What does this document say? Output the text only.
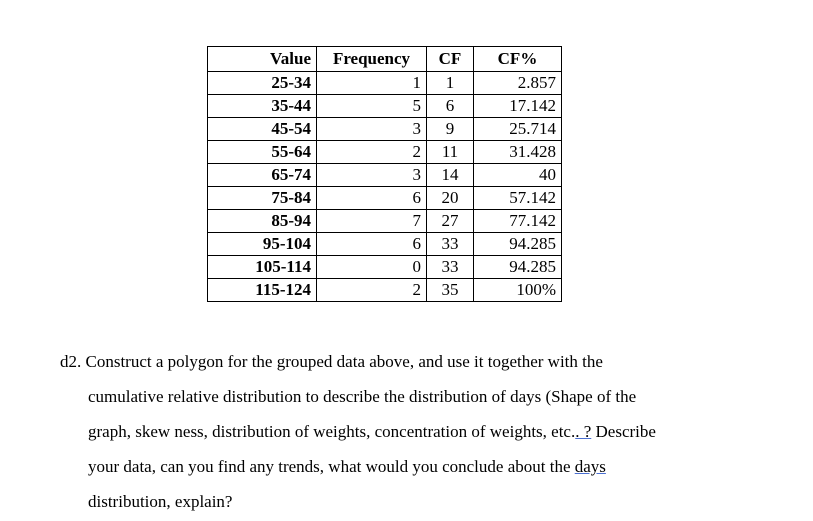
Value	Frequency	CF	CF%
25-34	1	1	2.857
35-44	5	6	17.142
45-54	3	9	25.714
55-64	2	11	31.428
65-74	3	14	40
75-84	6	20	57.142
85-94	7	27	77.142
95-104	6	33	94.285
105-114	0	33	94.285
115-124	2	35	100%

d2. Construct a polygon for the grouped data above, and use it together with the
cumulative relative distribution to describe the distribution of days (Shape of the
graph, skew ness, distribution of weights, concentration of weights, etc.. ? Describe
your data, can you find any trends, what would you conclude about the days
distribution, explain?
